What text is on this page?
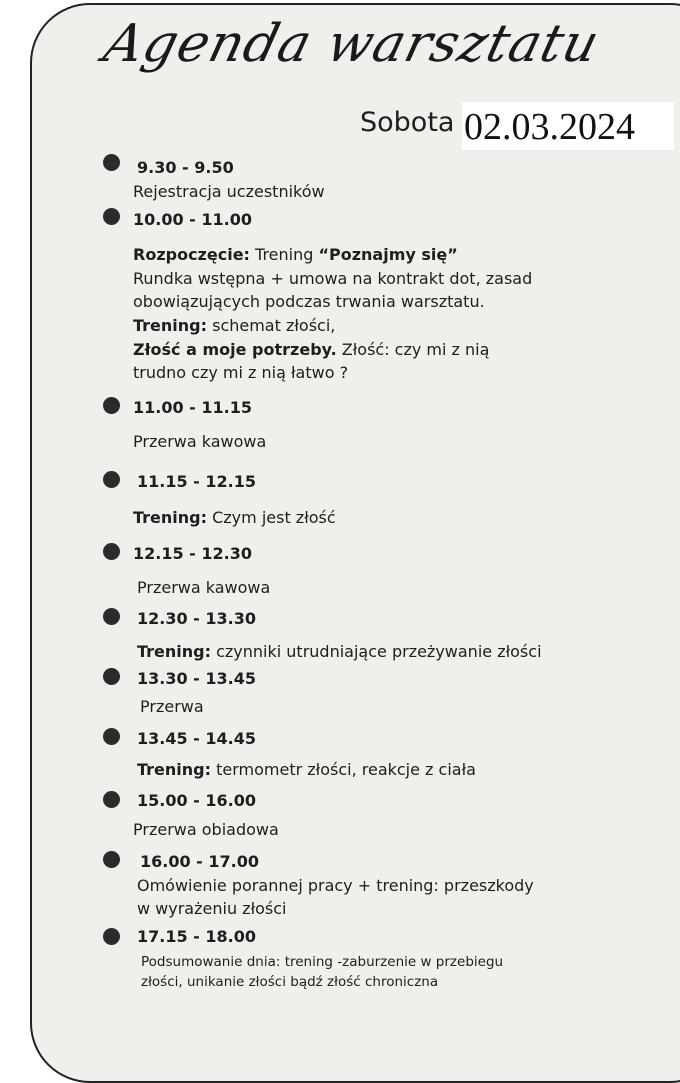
Agenda warsztatu
Sobota 02.03.2024
9.30 - 9.50
Rejestracja uczestników
10.00 - 11.00
Rozpoczęcie: Trening “Poznajmy się”
Rundka wstępna + umowa na kontrakt dot, zasad
obowiązujących podczas trwania warsztatu.
Trening: schemat złości,
Złość a moje potrzeby. Złość: czy mi z nią
trudno czy mi z nią łatwo ?
11.00 - 11.15
Przerwa kawowa
11.15 - 12.15
Trening: Czym jest złość
12.15 - 12.30
Przerwa kawowa
12.30 - 13.30
Trening: czynniki utrudniające przeżywanie złości
13.30 - 13.45
Przerwa
13.45 - 14.45
Trening: termometr złości, reakcje z ciała
15.00 - 16.00
Przerwa obiadowa
16.00 - 17.00
Omówienie porannej pracy + trening: przeszkody
w wyrażeniu złości
17.15 - 18.00
Podsumowanie dnia: trening -zaburzenie w przebiegu
złości, unikanie złości bądź złość chroniczna
